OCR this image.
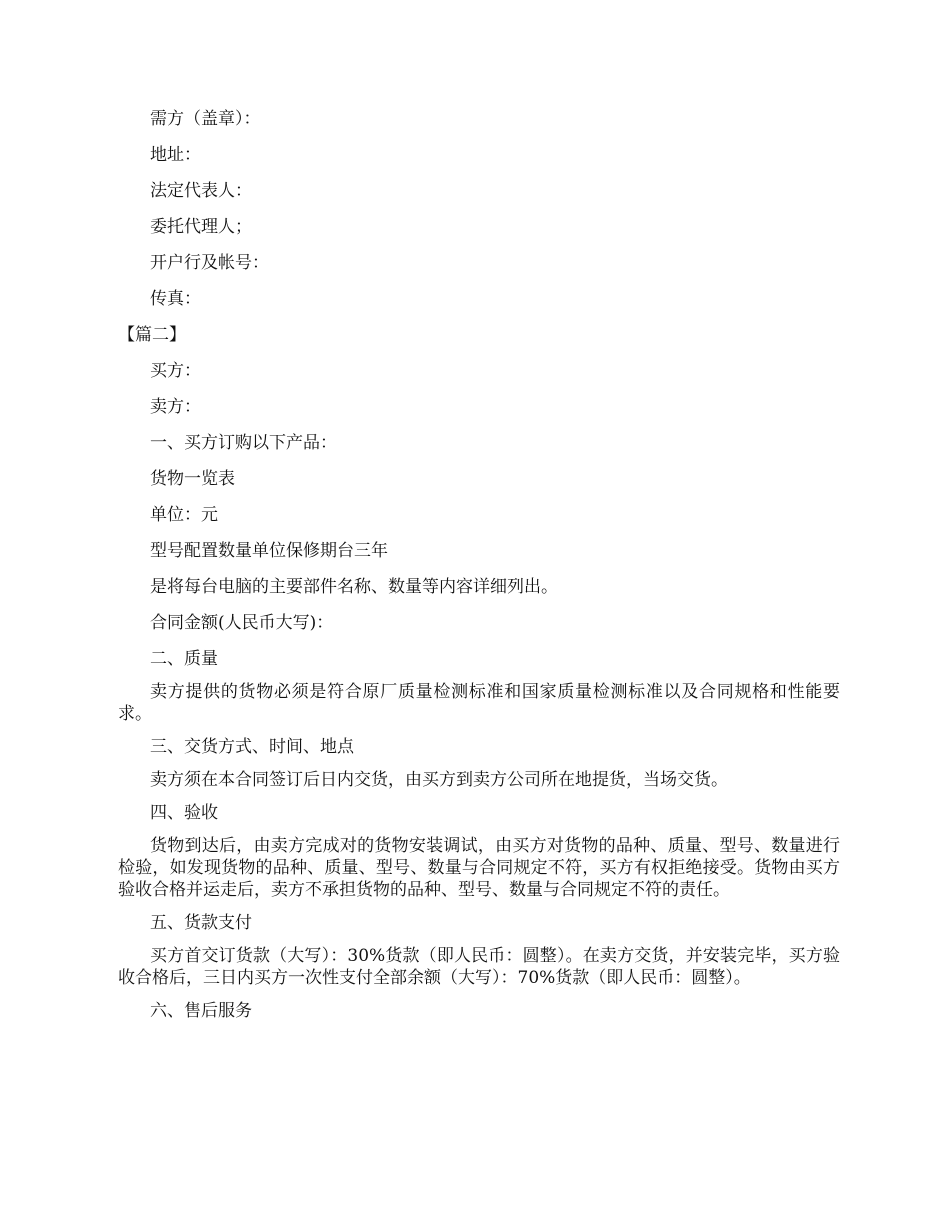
需方（盖章）：

地址：

法定代表人：

委托代理人；

开户行及帐号：

传真：

【篇二】

买方：

卖方：

一、买方订购以下产品：

货物一览表

单位：元

型号配置数量单位保修期台三年

是将每台电脑的主要部件名称、数量等内容详细列出。

合同金额(人民币大写)：

二、质量

卖方提供的货物必须是符合原厂质量检测标准和国家质量检测标准以及合同规格和性能要求。

三、交货方式、时间、地点

卖方须在本合同签订后日内交货，由买方到卖方公司所在地提货，当场交货。

四、验收

货物到达后，由卖方完成对的货物安装调试，由买方对货物的品种、质量、型号、数量进行检验，如发现货物的品种、质量、型号、数量与合同规定不符，买方有权拒绝接受。货物由买方验收合格并运走后，卖方不承担货物的品种、型号、数量与合同规定不符的责任。

五、货款支付

买方首交订货款（大写）：30%货款（即人民币：圆整）。在卖方交货，并安装完毕，买方验收合格后，三日内买方一次性支付全部余额（大写）：70%货款（即人民币：圆整）。

六、售后服务
